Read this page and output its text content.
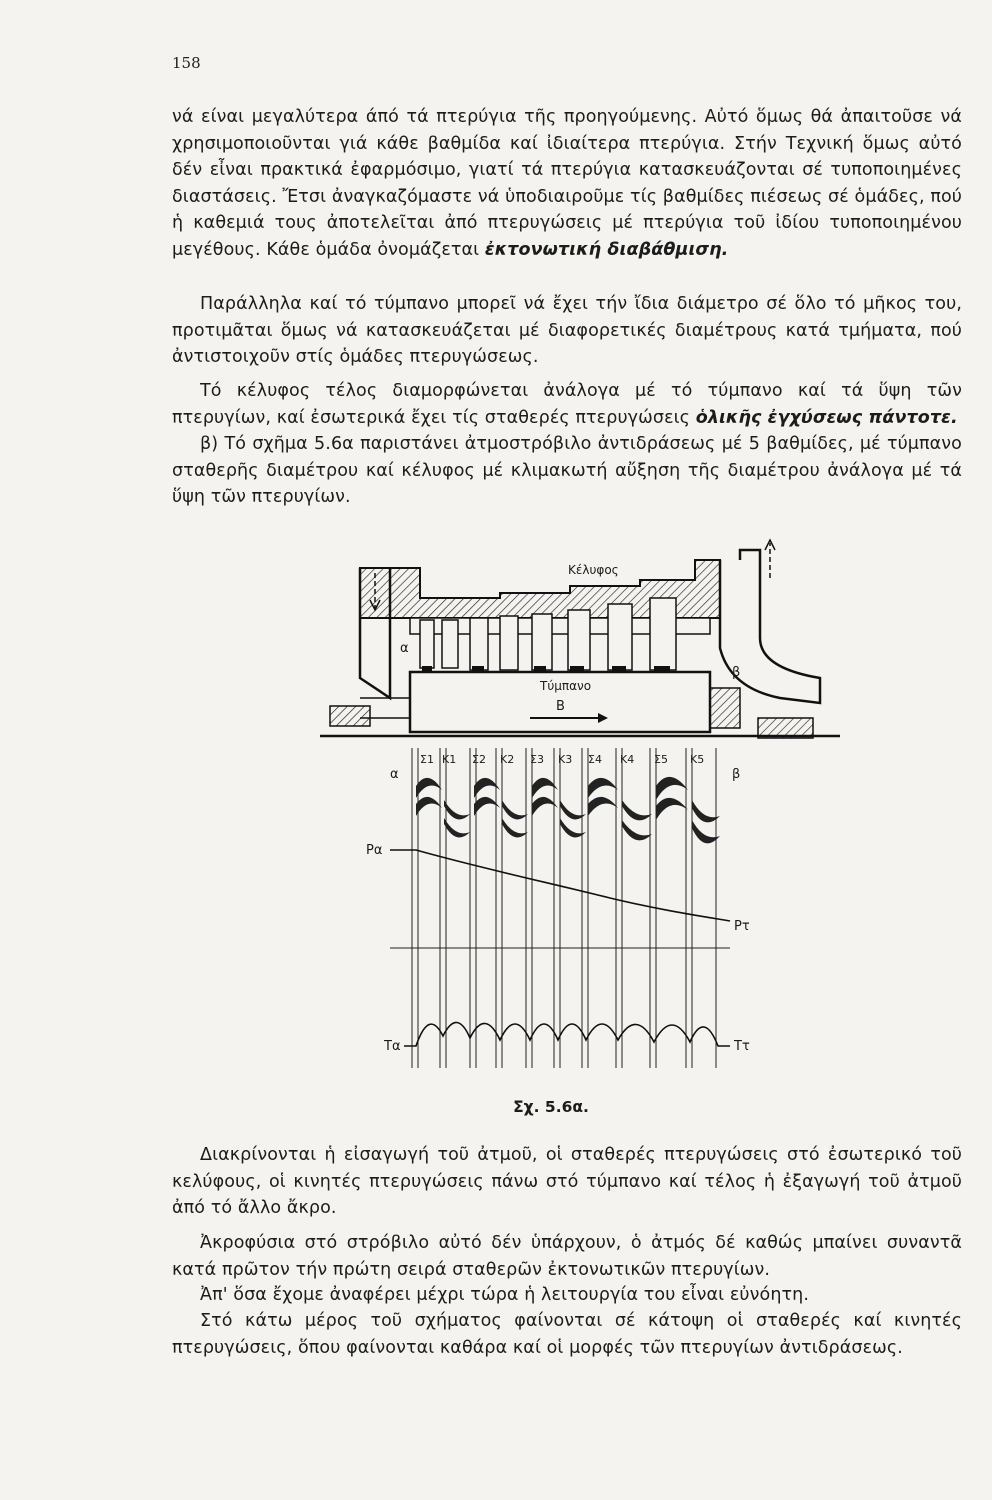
158

νά είναι μεγαλύτερα άπό τά πτερύγια τῆς προηγούμενης. Αὐτό ὅμως θά ἀπαιτοῦσε νά χρησιμοποιοῦνται γιά κάθε βαθμίδα καί ἰδιαίτερα πτερύγια. Στήν Τεχνική ὅμως αὐτό δέν εἶναι πρακτικά ἐφαρμόσιμο, γιατί τά πτερύγια κατασκευάζονται σέ τυποποιημένες διαστάσεις. Ἔτσι ἀναγκαζόμαστε νά ὑποδιαιροῦμε τίς βαθμίδες πιέσεως σέ ὁμάδες, πού ἡ καθεμιά τους ἀποτελεῖται ἀπό πτερυγώσεις μέ πτερύγια τοῦ ἰδίου τυποποιημένου μεγέθους. Κάθε ὁμάδα ὀνομάζεται ἐκτονωτική διαβάθμιση.

Παράλληλα καί τό τύμπανο μπορεῖ νά ἔχει τήν ἴδια διάμετρο σέ ὅλο τό μῆκος του, προτιμᾶται ὅμως νά κατασκευάζεται μέ διαφορετικές διαμέτρους κατά τμήματα, πού ἀντιστοιχοῦν στίς ὁμάδες πτερυγώσεως.

Τό κέλυφος τέλος διαμορφώνεται ἀνάλογα μέ τό τύμπανο καί τά ὕψη τῶν πτερυγίων, καί ἐσωτερικά ἔχει τίς σταθερές πτερυγώσεις ὁλικῆς ἐγχύσεως πάντοτε.

β) Τό σχῆμα 5.6α παριστάνει ἀτμοστρόβιλο ἀντιδράσεως μέ 5 βαθμίδες, μέ τύμπανο σταθερῆς διαμέτρου καί κέλυφος μέ κλιμακωτή αὔξηση τῆς διαμέτρου ἀνάλογα μέ τά ὕψη τῶν πτερυγίων.

Κέλυφος
Τύμπανο
Β
α
β
Σ1 Κ1 Σ2 Κ2 Σ3 Κ3 Σ4 Κ4 Σ5 Κ5
α	β
Pα
Pτ
Tα	Tτ
Σχ. 5.6α.

Διακρίνονται ἡ εἰσαγωγή τοῦ ἀτμοῦ, οἱ σταθερές πτερυγώσεις στό ἐσωτερικό τοῦ κελύφους, οἱ κινητές πτερυγώσεις πάνω στό τύμπανο καί τέλος ἡ ἐξαγωγή τοῦ ἀτμοῦ ἀπό τό ἄλλο ἄκρο.

Ἀκροφύσια στό στρόβιλο αὐτό δέν ὑπάρχουν, ὁ ἀτμός δέ καθώς μπαίνει συναντᾶ κατά πρῶτον τήν πρώτη σειρά σταθερῶν ἐκτονωτικῶν πτερυγίων.

Ἀπ' ὅσα ἔχομε ἀναφέρει μέχρι τώρα ἡ λειτουργία του εἶναι εὐνόητη.

Στό κάτω μέρος τοῦ σχήματος φαίνονται σέ κάτοψη οἱ σταθερές καί κινητές πτερυγώσεις, ὅπου φαίνονται καθάρα καί οἱ μορφές τῶν πτερυγίων ἀντιδράσεως.
